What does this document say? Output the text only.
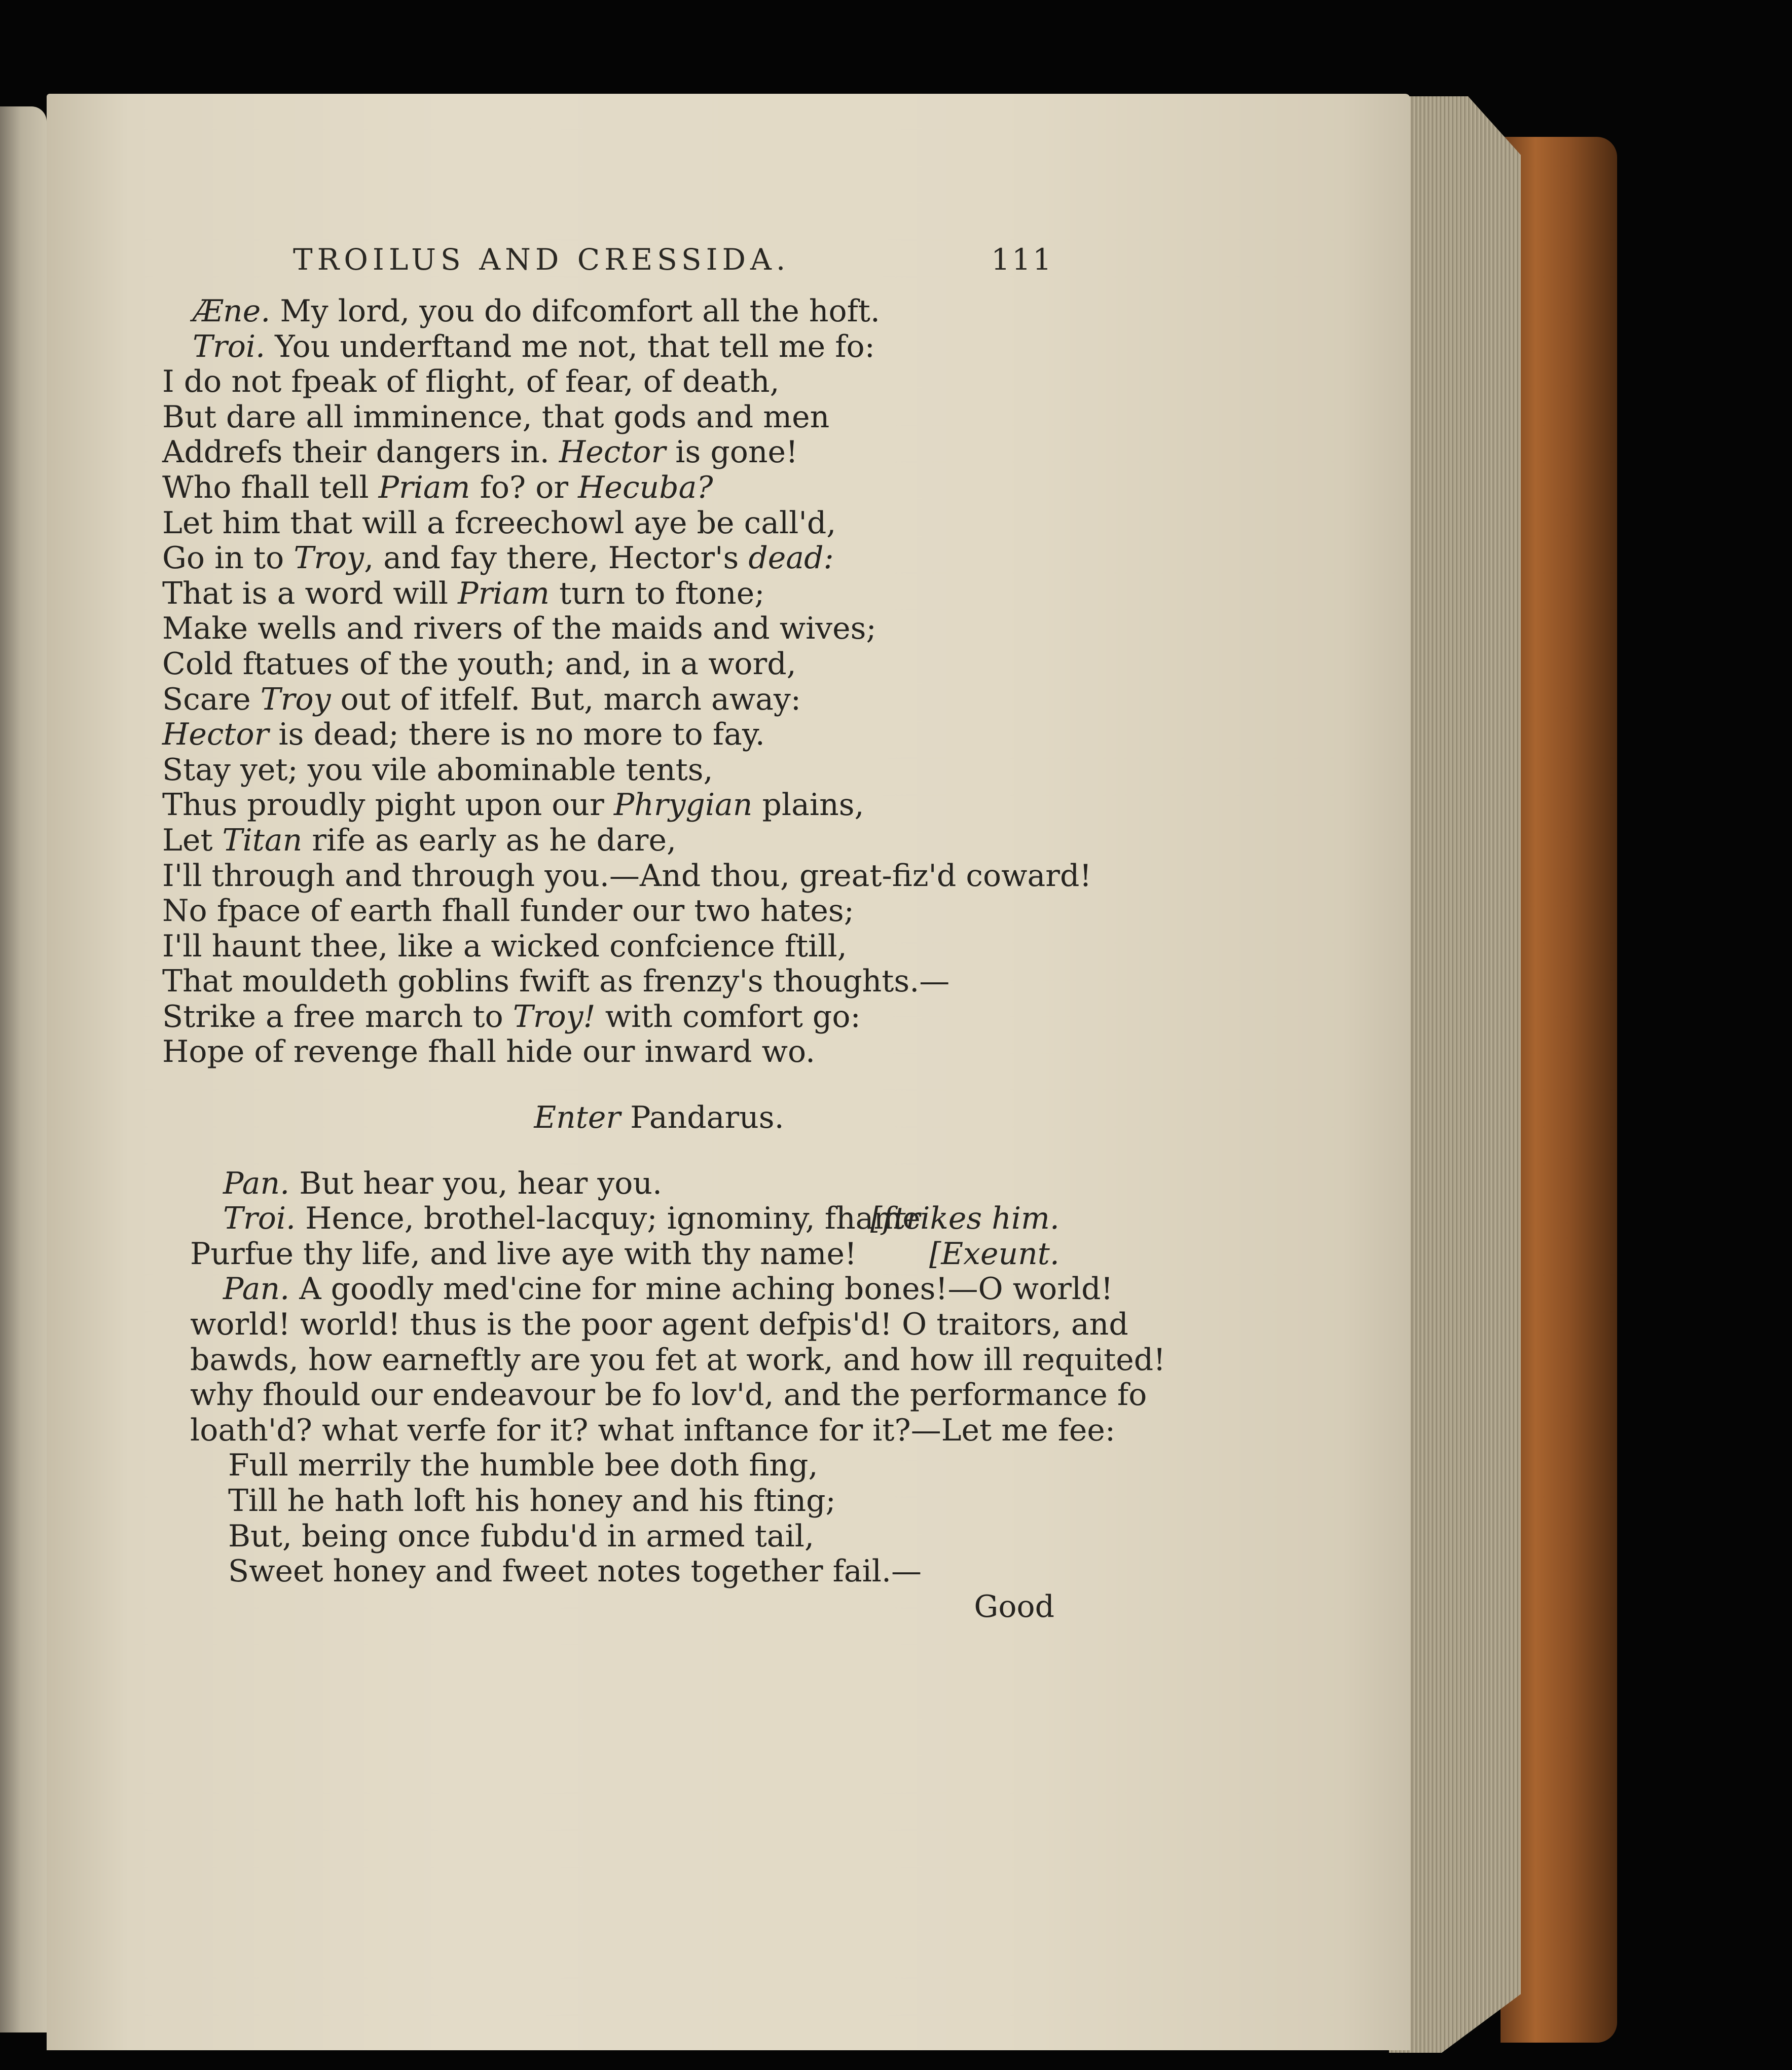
TROILUS AND CRESSIDA.	111
Æne. My lord, you do difcomfort all the hoft.
Troi. You underftand me not, that tell me fo:
I do not fpeak of flight, of fear, of death,
But dare all imminence, that gods and men
Addrefs their dangers in. Hector is gone!
Who fhall tell Priam fo? or Hecuba?
Let him that will a fcreechowl aye be call'd,
Go in to Troy, and fay there, Hector's dead:
That is a word will Priam turn to ftone;
Make wells and rivers of the maids and wives;
Cold ftatues of the youth; and, in a word,
Scare Troy out of itfelf. But, march away:
Hector is dead; there is no more to fay.
Stay yet; you vile abominable tents,
Thus proudly pight upon our Phrygian plains,
Let Titan rife as early as he dare,
I'll through and through you.—And thou, great-fiz'd coward!
No fpace of earth fhall funder our two hates;
I'll haunt thee, like a wicked confcience ftill,
That mouldeth goblins fwift as frenzy's thoughts.—
Strike a free march to Troy! with comfort go:
Hope of revenge fhall hide our inward wo.
Enter Pandarus.
Pan. But hear you, hear you.
Troi. Hence, brothel-lacquy; ignominy, fhame
[ftrikes him.
Purfue thy life, and live aye with thy name! [Exeunt.
Pan. A goodly med'cine for mine aching bones!—O world!
world! world! thus is the poor agent defpis'd! O traitors, and
bawds, how earneftly are you fet at work, and how ill requited!
why fhould our endeavour be fo lov'd, and the performance fo
loath'd? what verfe for it? what inftance for it?—Let me fee:
Full merrily the humble bee doth fing,
Till he hath loft his honey and his fting;
But, being once fubdu'd in armed tail,
Sweet honey and fweet notes together fail.—
Good
